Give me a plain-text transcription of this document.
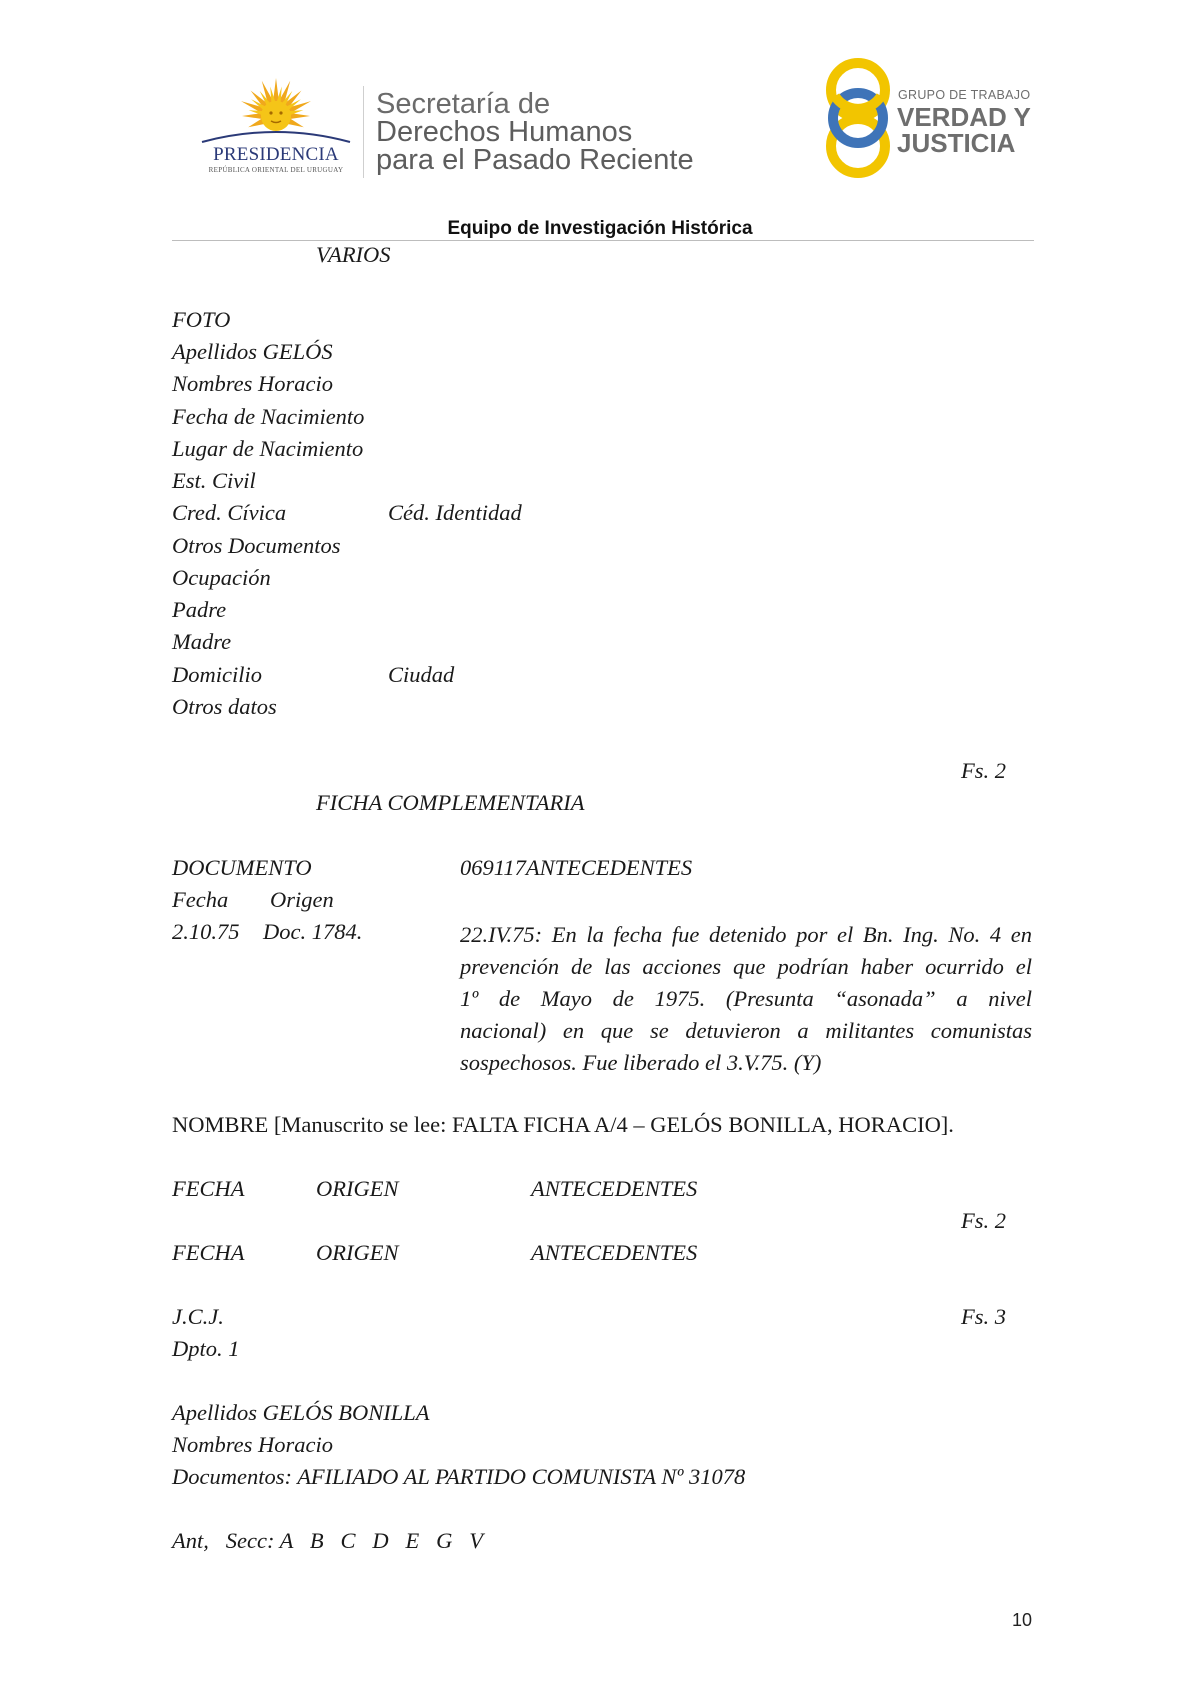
PRESIDENCIA
REPÚBLICA ORIENTAL DEL URUGUAY
Secretaría de
Derechos Humanos
para el Pasado Reciente
GRUPO DE TRABAJO
VERDAD Y
JUSTICIA
Equipo de Investigación Histórica
VARIOS
FOTO
Apellidos GELÓS
Nombres Horacio
Fecha de Nacimiento
Lugar de Nacimiento
Est. Civil
Cred. Cívica	Céd. Identidad
Otros Documentos
Ocupación
Padre
Madre
Domicilio	Ciudad
Otros datos
Fs. 2
FICHA COMPLEMENTARIA
DOCUMENTO	069117ANTECEDENTES
Fecha Origen
2.10.75 Doc. 1784.	22.IV.75: En la fecha fue detenido por el Bn. Ing. No. 4 en
prevención de las acciones que podrían haber ocurrido el
1º de Mayo de 1975. (Presunta “asonada” a nivel
nacional) en que se detuvieron a militantes comunistas
sospechosos. Fue liberado el 3.V.75. (Y)
NOMBRE [Manuscrito se lee: FALTA FICHA A/4 – GELÓS BONILLA, HORACIO].
FECHA	ORIGEN	ANTECEDENTES
Fs. 2
FECHA	ORIGEN	ANTECEDENTES
J.C.J.	Fs. 3
Dpto. 1
Apellidos GELÓS BONILLA
Nombres Horacio
Documentos: AFILIADO AL PARTIDO COMUNISTA Nº 31078
Ant,   Secc: A   B   C   D   E   G   V
10
